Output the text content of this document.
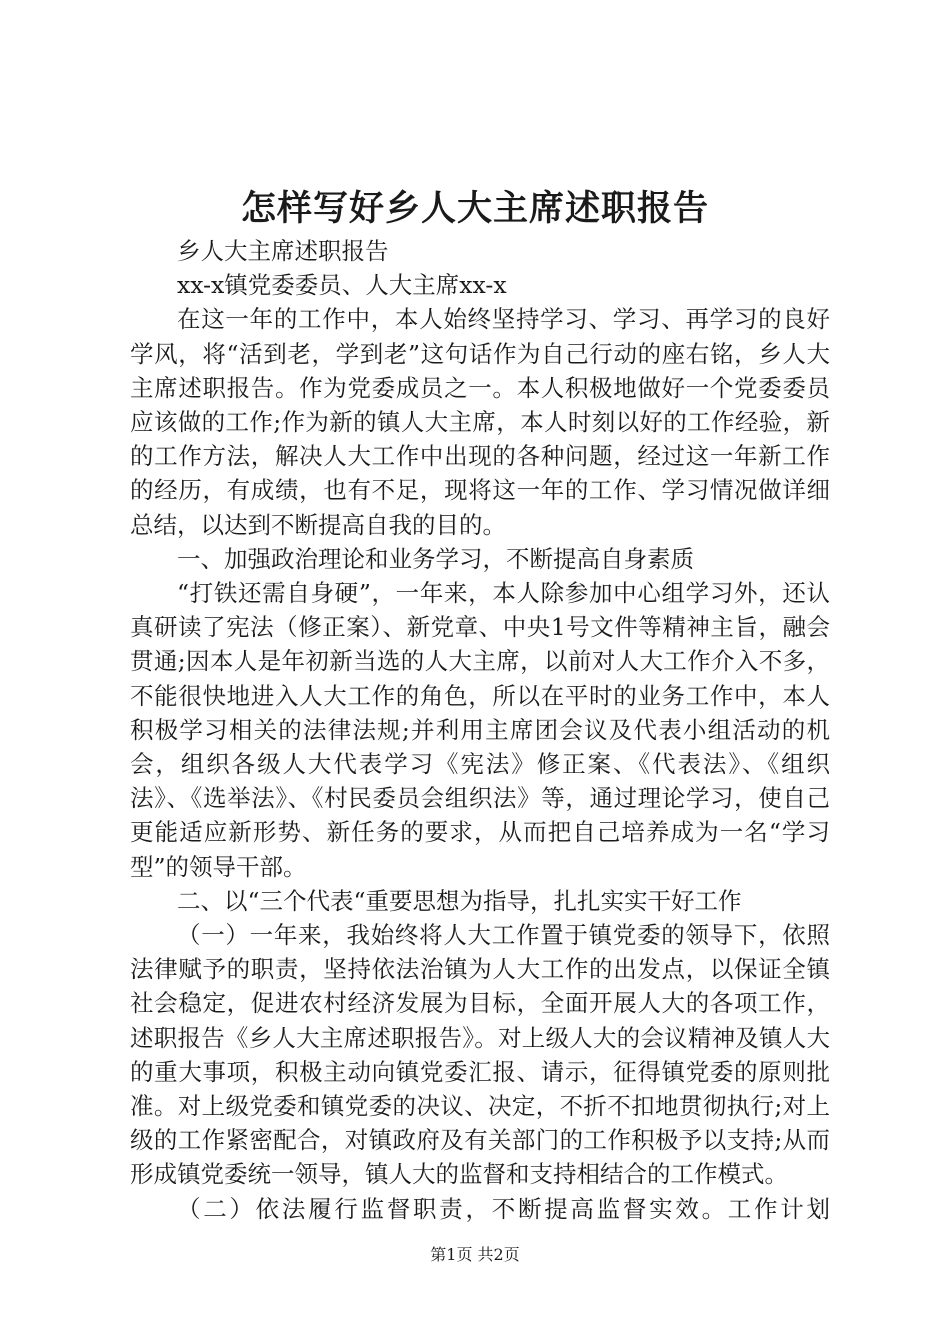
怎样写好乡人大主席述职报告

乡人大主席述职报告

xx-x镇党委委员、人大主席xx-x

在这一年的工作中，本人始终坚持学习、学习、再学习的良好学风，将“活到老，学到老”这句话作为自己行动的座右铭，乡人大主席述职报告。作为党委成员之一。本人积极地做好一个党委委员应该做的工作;作为新的镇人大主席，本人时刻以好的工作经验，新的工作方法，解决人大工作中出现的各种问题，经过这一年新工作的经历，有成绩，也有不足，现将这一年的工作、学习情况做详细总结，以达到不断提高自我的目的。

一、加强政治理论和业务学习，不断提高自身素质

“打铁还需自身硬”，一年来，本人除参加中心组学习外，还认真研读了宪法（修正案）、新党章、中央1号文件等精神主旨，融会贯通;因本人是年初新当选的人大主席，以前对人大工作介入不多，不能很快地进入人大工作的角色，所以在平时的业务工作中，本人积极学习相关的法律法规;并利用主席团会议及代表小组活动的机会，组织各级人大代表学习《宪法》修正案、《代表法》、《组织法》、《选举法》、《村民委员会组织法》等，通过理论学习，使自己更能适应新形势、新任务的要求，从而把自己培养成为一名“学习型”的领导干部。

二、以“三个代表“重要思想为指导，扎扎实实干好工作

（一）一年来，我始终将人大工作置于镇党委的领导下，依照法律赋予的职责，坚持依法治镇为人大工作的出发点，以保证全镇社会稳定，促进农村经济发展为目标，全面开展人大的各项工作，述职报告《乡人大主席述职报告》。对上级人大的会议精神及镇人大的重大事项，积极主动向镇党委汇报、请示，征得镇党委的原则批准。对上级党委和镇党委的决议、决定，不折不扣地贯彻执行;对上级的工作紧密配合，对镇政府及有关部门的工作积极予以支持;从而形成镇党委统一领导，镇人大的监督和支持相结合的工作模式。

（二）依法履行监督职责，不断提高监督实效。工作计划

第1页 共2页
